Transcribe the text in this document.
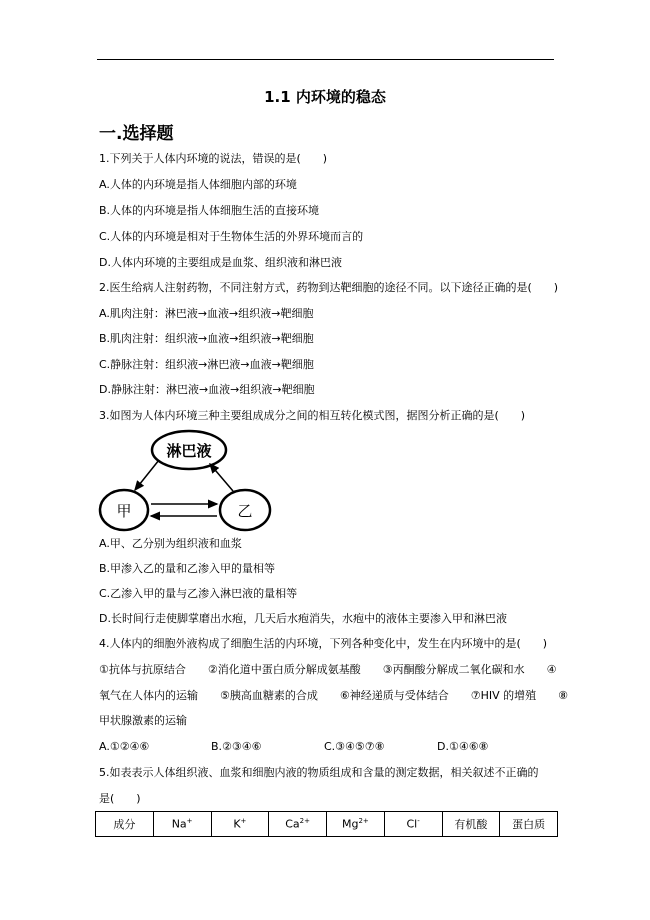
1.1 内环境的稳态
一.选择题
1.下列关于人体内环境的说法，错误的是(　　)
A.人体的内环境是指人体细胞内部的环境
B.人体的内环境是指人体细胞生活的直接环境
C.人体的内环境是相对于生物体生活的外界环境而言的
D.人体内环境的主要组成是血浆、组织液和淋巴液
2.医生给病人注射药物，不同注射方式，药物到达靶细胞的途径不同。以下途径正确的是(　　)
A.肌肉注射：淋巴液→血液→组织液→靶细胞
B.肌肉注射：组织液→血液→组织液→靶细胞
C.静脉注射：组织液→淋巴液→血液→靶细胞
D.静脉注射：淋巴液→血液→组织液→靶细胞
3.如图为人体内环境三种主要组成成分之间的相互转化模式图，据图分析正确的是(　　)
淋巴液
甲	乙
A.甲、乙分别为组织液和血浆
B.甲渗入乙的量和乙渗入甲的量相等
C.乙渗入甲的量与乙渗入淋巴液的量相等
D.长时间行走使脚掌磨出水疱，几天后水疱消失，水疱中的液体主要渗入甲和淋巴液
4.人体内的细胞外液构成了细胞生活的内环境，下列各种变化中，发生在内环境中的是(　　)
①抗体与抗原结合　　②消化道中蛋白质分解成氨基酸　　③丙酮酸分解成二氧化碳和水　　④
氧气在人体内的运输　　⑤胰高血糖素的合成　　⑥神经递质与受体结合　　⑦HIV 的增殖　　⑧
甲状腺激素的运输
A.①②④⑥	B.②③④⑥	C.③④⑤⑦⑧	D.①④⑥⑧
5.如表表示人体组织液、血浆和细胞内液的物质组成和含量的测定数据，相关叙述不正确的
是(　　)
成分	Na+	K+	$Ca^{2+}$	$Mg^{2+}$	Cl-	有机酸	蛋白质
